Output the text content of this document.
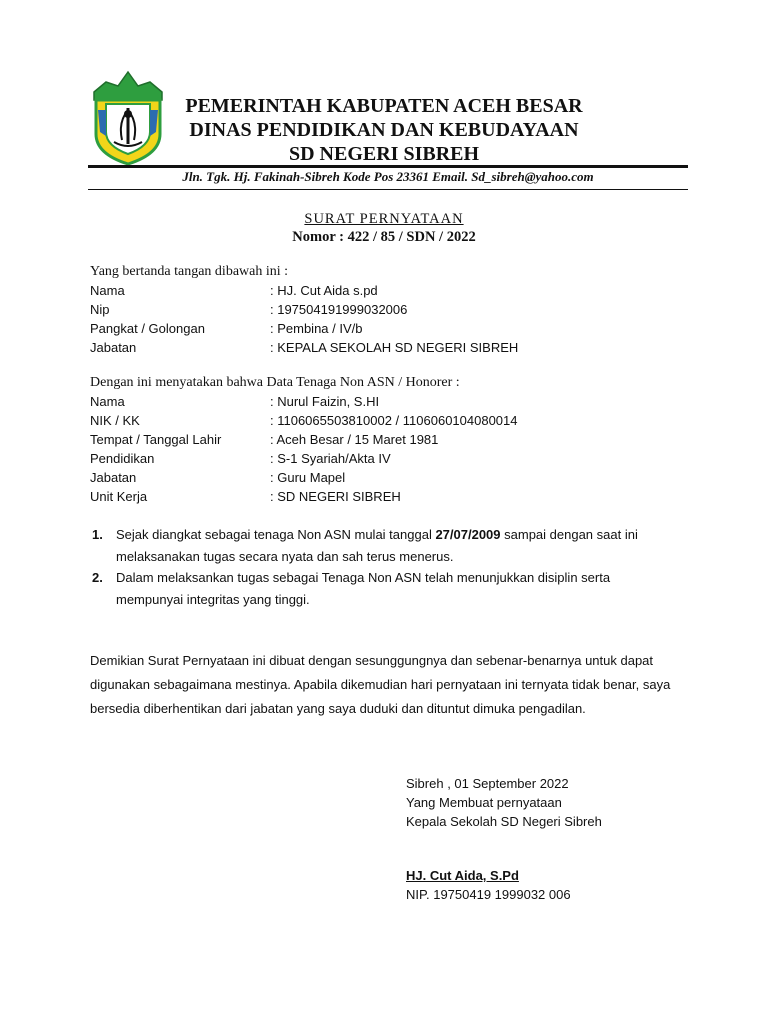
PEMERINTAH KABUPATEN ACEH BESAR
DINAS PENDIDIKAN DAN KEBUDAYAAN
SD NEGERI SIBREH
Jln. Tgk. Hj. Fakinah-Sibreh Kode Pos 23361 Email. Sd_sibreh@yahoo.com
SURAT PERNYATAAN
Nomor : 422 / 85 / SDN / 2022
Yang bertanda tangan dibawah ini :
Nama	: HJ. Cut Aida s.pd
Nip	: 197504191999032006
Pangkat / Golongan	: Pembina / IV/b
Jabatan	: KEPALA SEKOLAH SD NEGERI SIBREH
Dengan ini menyatakan bahwa Data Tenaga Non ASN / Honorer :
Nama	: Nurul Faizin, S.HI
NIK / KK	: 1106065503810002 / 1106060104080014
Tempat / Tanggal Lahir	: Aceh Besar / 15 Maret 1981
Pendidikan	: S-1 Syariah/Akta IV
Jabatan	: Guru Mapel
Unit Kerja	: SD NEGERI SIBREH
1. Sejak diangkat sebagai tenaga Non ASN mulai tanggal 27/07/2009 sampai dengan saat ini melaksanakan tugas secara nyata dan sah terus menerus.
2. Dalam melaksankan tugas sebagai Tenaga Non ASN telah menunjukkan disiplin serta mempunyai integritas yang tinggi.
Demikian Surat Pernyataan ini dibuat dengan sesunggungnya dan sebenar-benarnya untuk dapat digunakan sebagaimana mestinya. Apabila dikemudian hari pernyataan ini ternyata tidak benar, saya bersedia diberhentikan dari jabatan yang saya duduki dan dituntut dimuka pengadilan.
Sibreh , 01 September 2022
Yang Membuat pernyataan
Kepala Sekolah SD Negeri Sibreh
HJ. Cut Aida, S.Pd
NIP. 19750419 1999032 006
